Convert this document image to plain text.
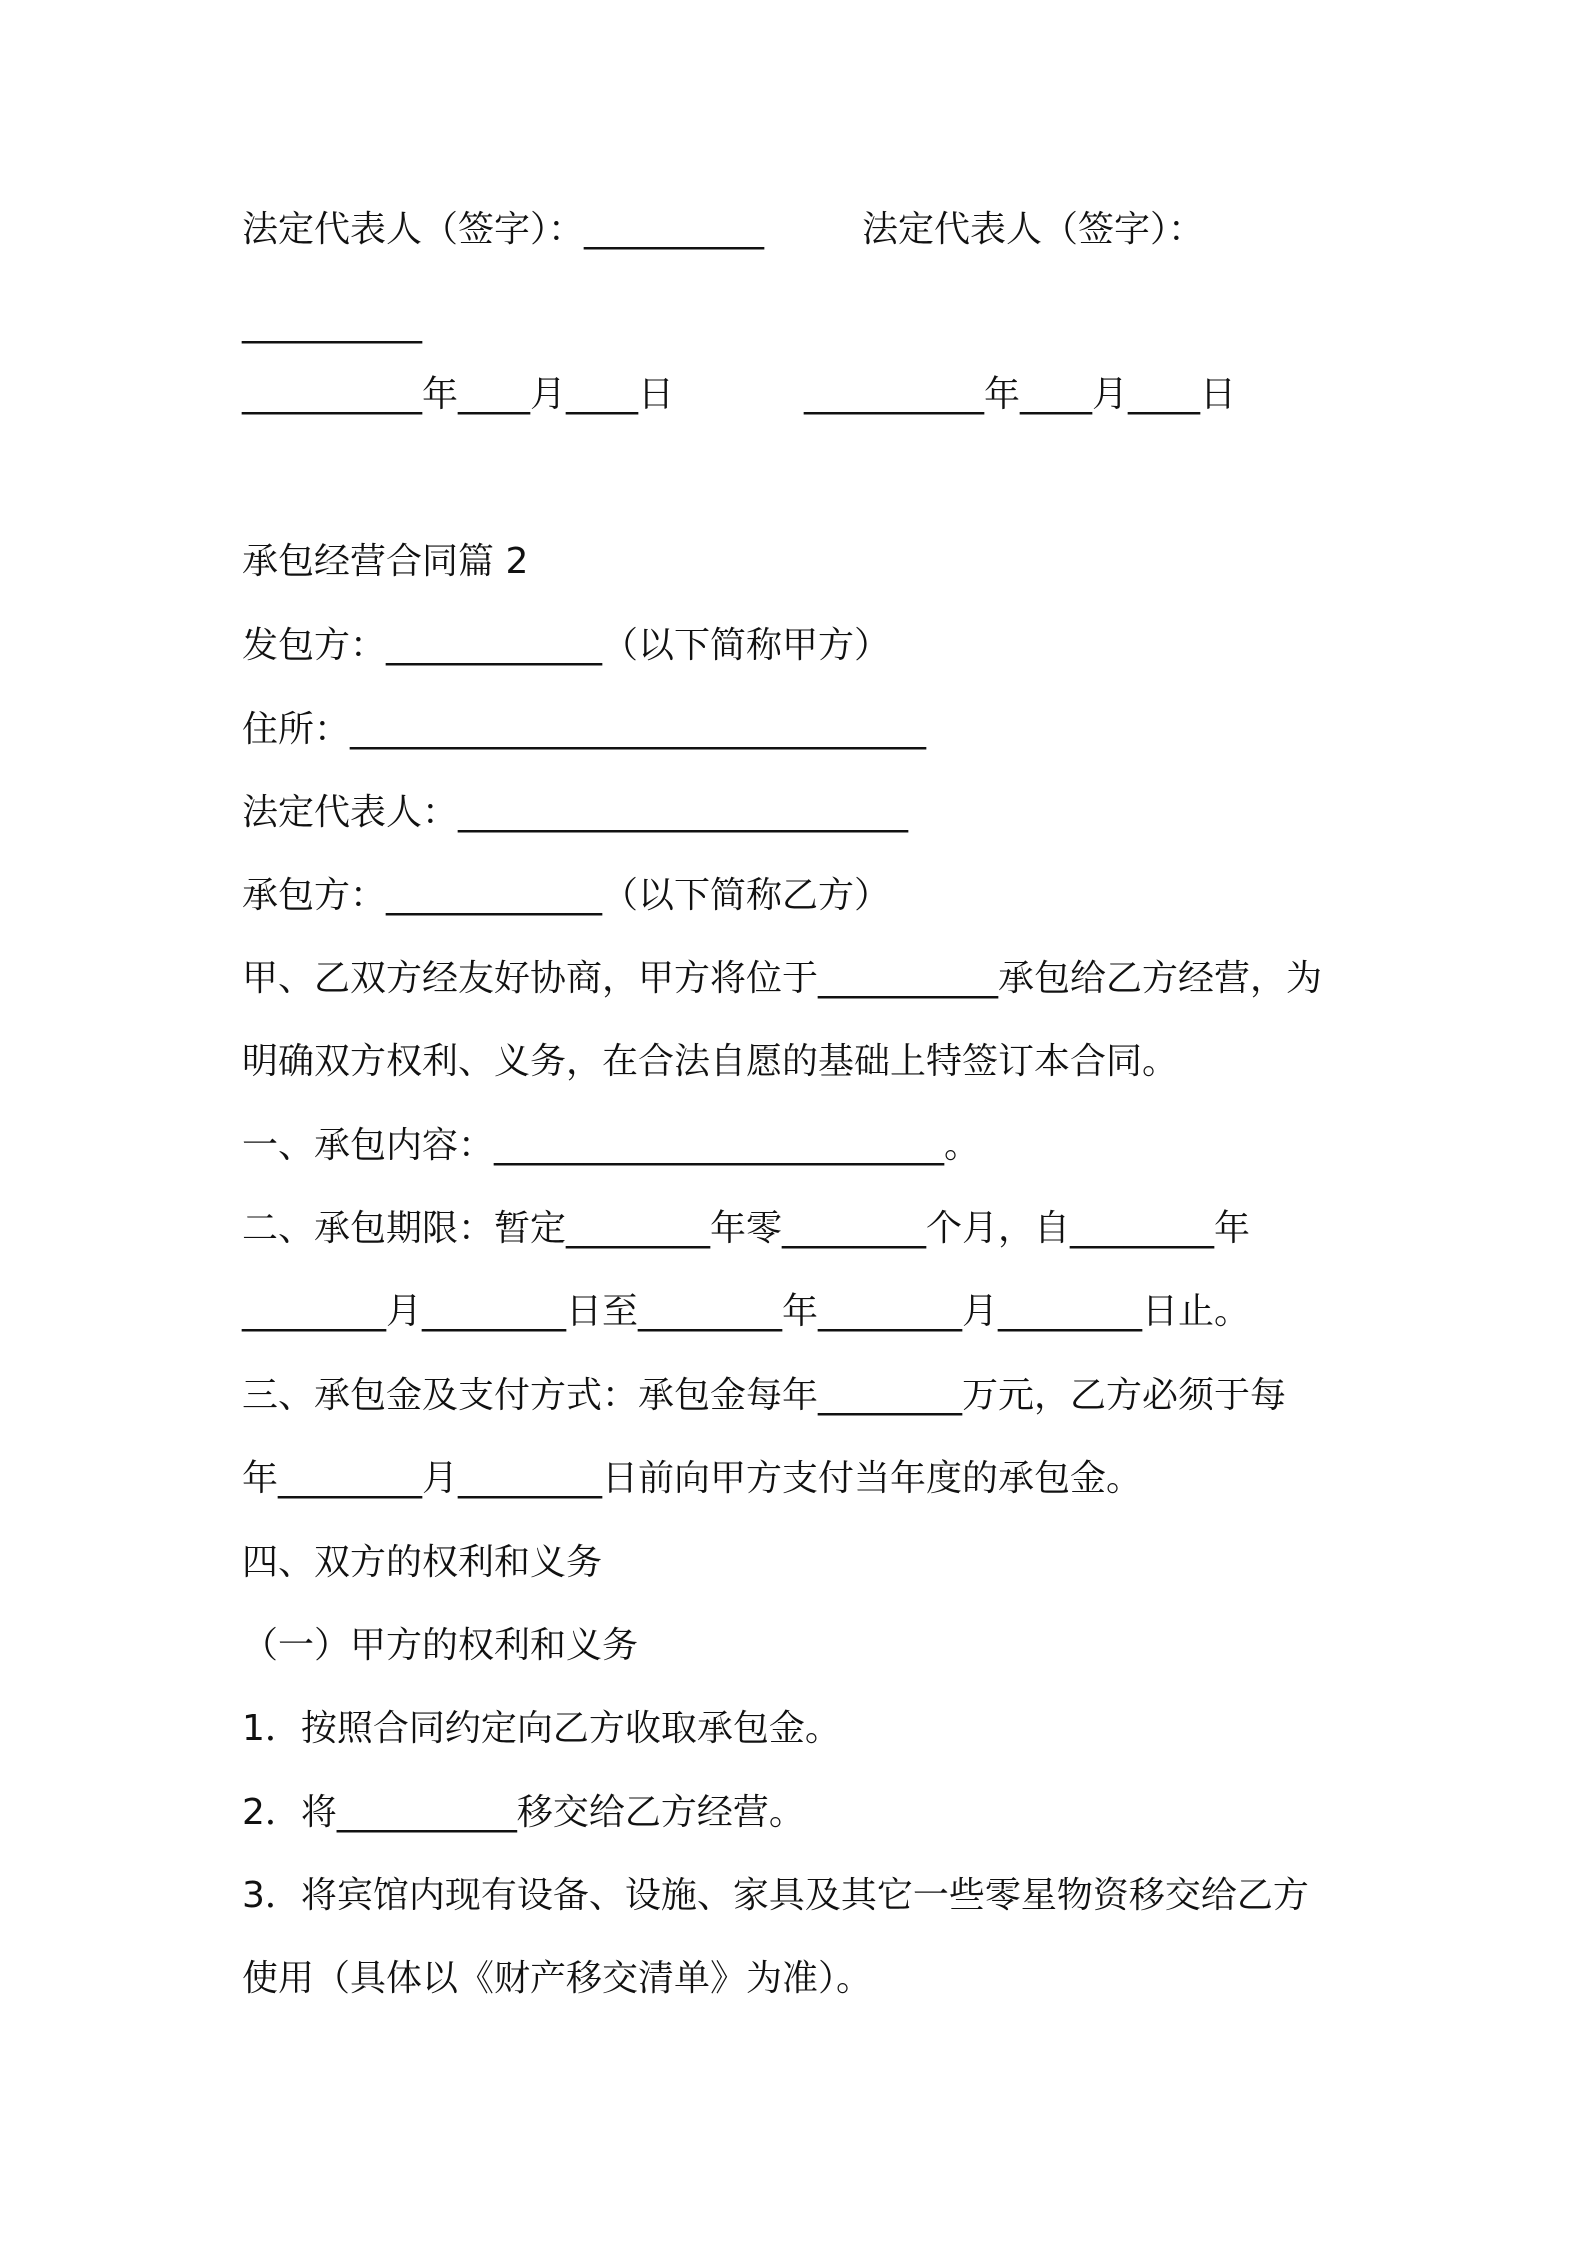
法定代表人（签字）：__________	法定代表人（签字）：
__________
__________年____月____日	__________年____月____日
承包经营合同篇 2
发包方：____________（以下简称甲方）
住所：________________________________
法定代表人：_________________________
承包方：____________（以下简称乙方）
甲、乙双方经友好协商，甲方将位于__________承包给乙方经营，为
明确双方权利、义务，在合法自愿的基础上特签订本合同。
一、承包内容：_________________________。
二、承包期限：暂定________年零________个月，自________年
________月________日至________年________月________日止。
三、承包金及支付方式：承包金每年________万元，乙方必须于每
年________月________日前向甲方支付当年度的承包金。
四、双方的权利和义务
（一）甲方的权利和义务
1．按照合同约定向乙方收取承包金。
2．将__________移交给乙方经营。
3．将宾馆内现有设备、设施、家具及其它一些零星物资移交给乙方
使用（具体以《财产移交清单》为准）。
